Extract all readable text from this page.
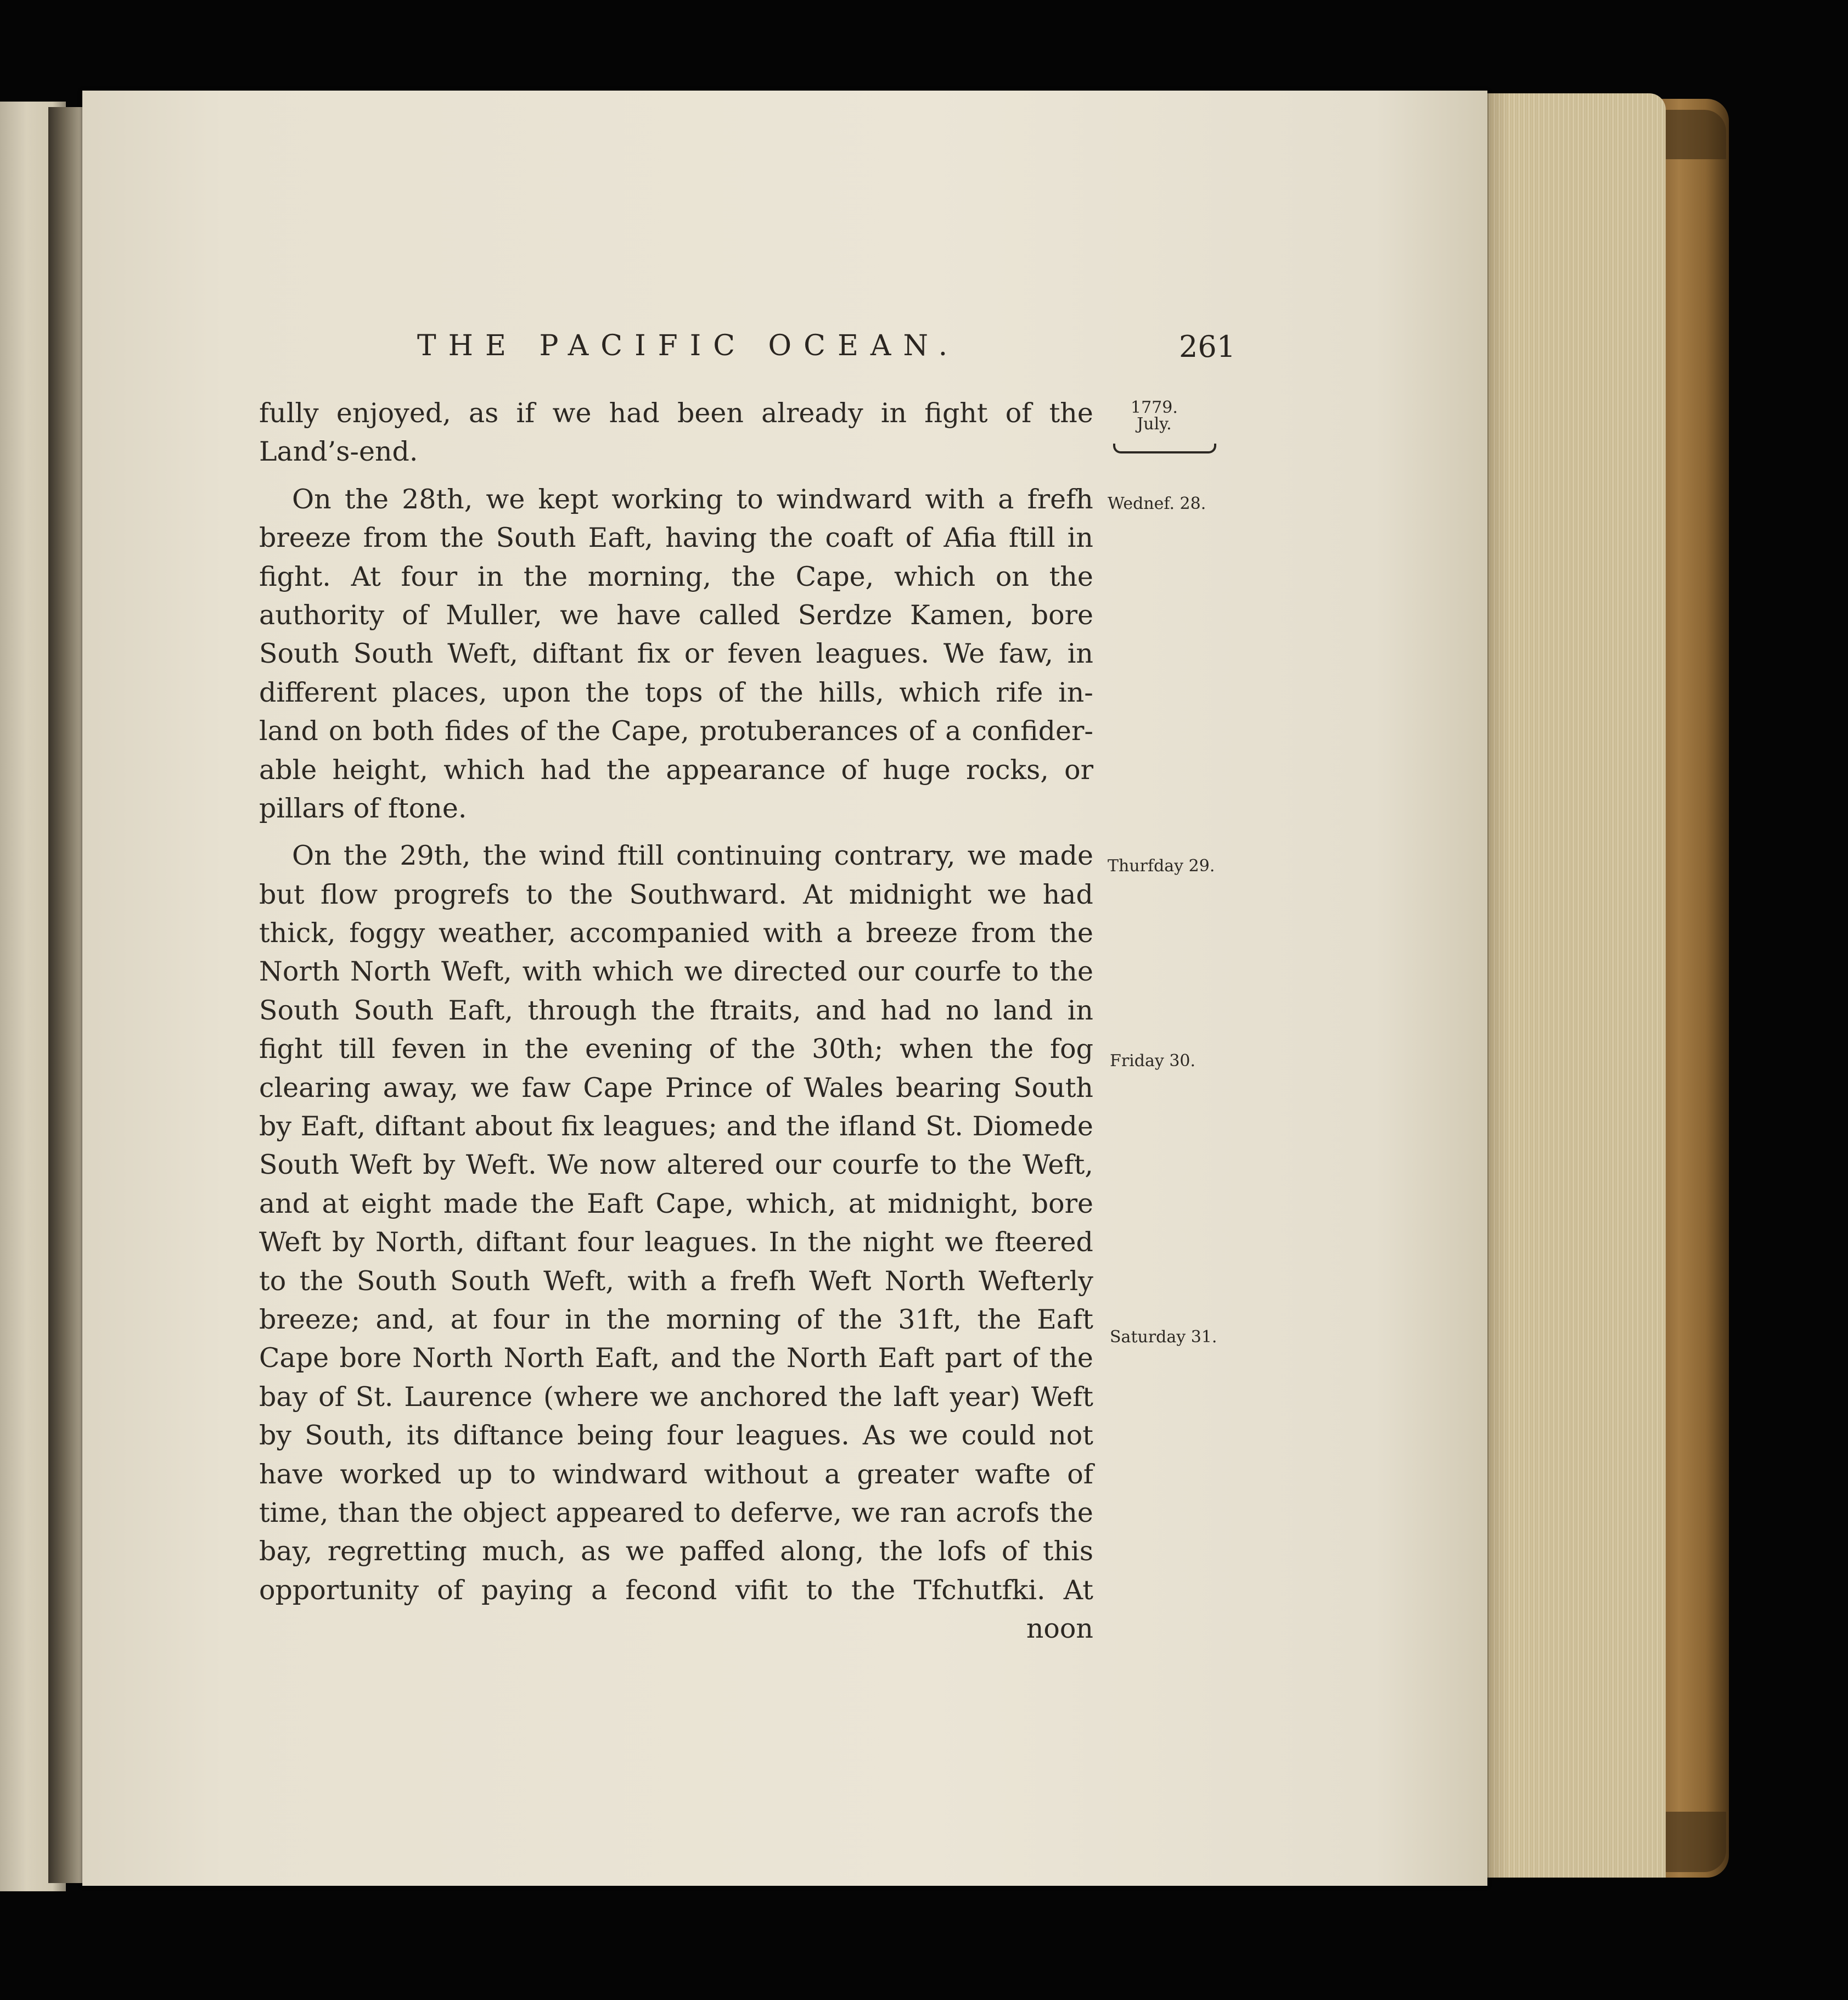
THE PACIFIC OCEAN.	261
1779.
July.
Wednef. 28.
Thurfday 29.
Friday 30.
Saturday 31.
fully enjoyed, as if we had been already in fight of the
Land’s-end.
On the 28th, we kept working to windward with a frefh
breeze from the South Eaft, having the coaft of Afia ftill in
fight. At four in the morning, the Cape, which on the
authority of Muller, we have called Serdze Kamen, bore
South South Weft, diftant fix or feven leagues. We faw, in
different places, upon the tops of the hills, which rife in-
land on both fides of the Cape, protuberances of a confider-
able height, which had the appearance of huge rocks, or
pillars of ftone.
On the 29th, the wind ftill continuing contrary, we made
but flow progrefs to the Southward. At midnight we had
thick, foggy weather, accompanied with a breeze from the
North North Weft, with which we directed our courfe to the
South South Eaft, through the ftraits, and had no land in
fight till feven in the evening of the 30th; when the fog
clearing away, we faw Cape Prince of Wales bearing South
by Eaft, diftant about fix leagues; and the ifland St. Diomede
South Weft by Weft. We now altered our courfe to the Weft,
and at eight made the Eaft Cape, which, at midnight, bore
Weft by North, diftant four leagues. In the night we fteered
to the South South Weft, with a frefh Weft North Wefterly
breeze; and, at four in the morning of the 31ft, the Eaft
Cape bore North North Eaft, and the North Eaft part of the
bay of St. Laurence (where we anchored the laft year) Weft
by South, its diftance being four leagues. As we could not
have worked up to windward without a greater wafte of
time, than the object appeared to deferve, we ran acrofs the
bay, regretting much, as we paffed along, the lofs of this
opportunity of paying a fecond vifit to the Tfchutfki. At
noon
